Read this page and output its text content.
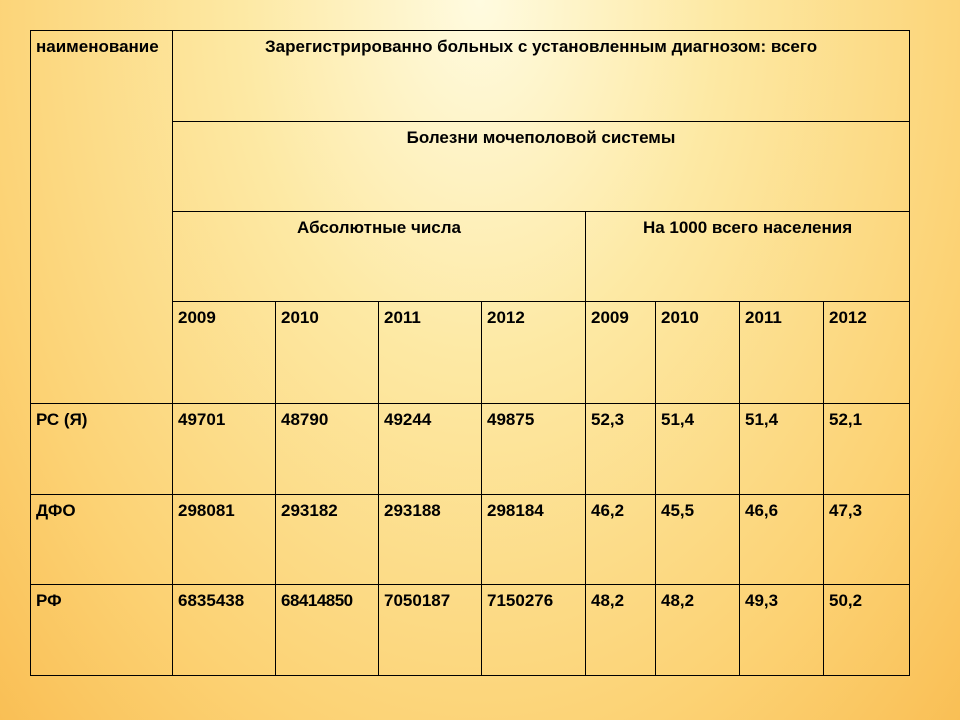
наименование	Зарегистрированно больных с установленным диагнозом: всего							
	Болезни мочеполовой системы							
	Абсолютные числа				На 1000 всего населения			
	2009	2010	2011	2012	2009	2010	2011	2012
РС (Я)	49701	48790	49244	49875	52,3	51,4	51,4	52,1
ДФО	298081	293182	293188	298184	46,2	45,5	46,6	47,3
РФ	6835438	68414850	7050187	7150276	48,2	48,2	49,3	50,2
